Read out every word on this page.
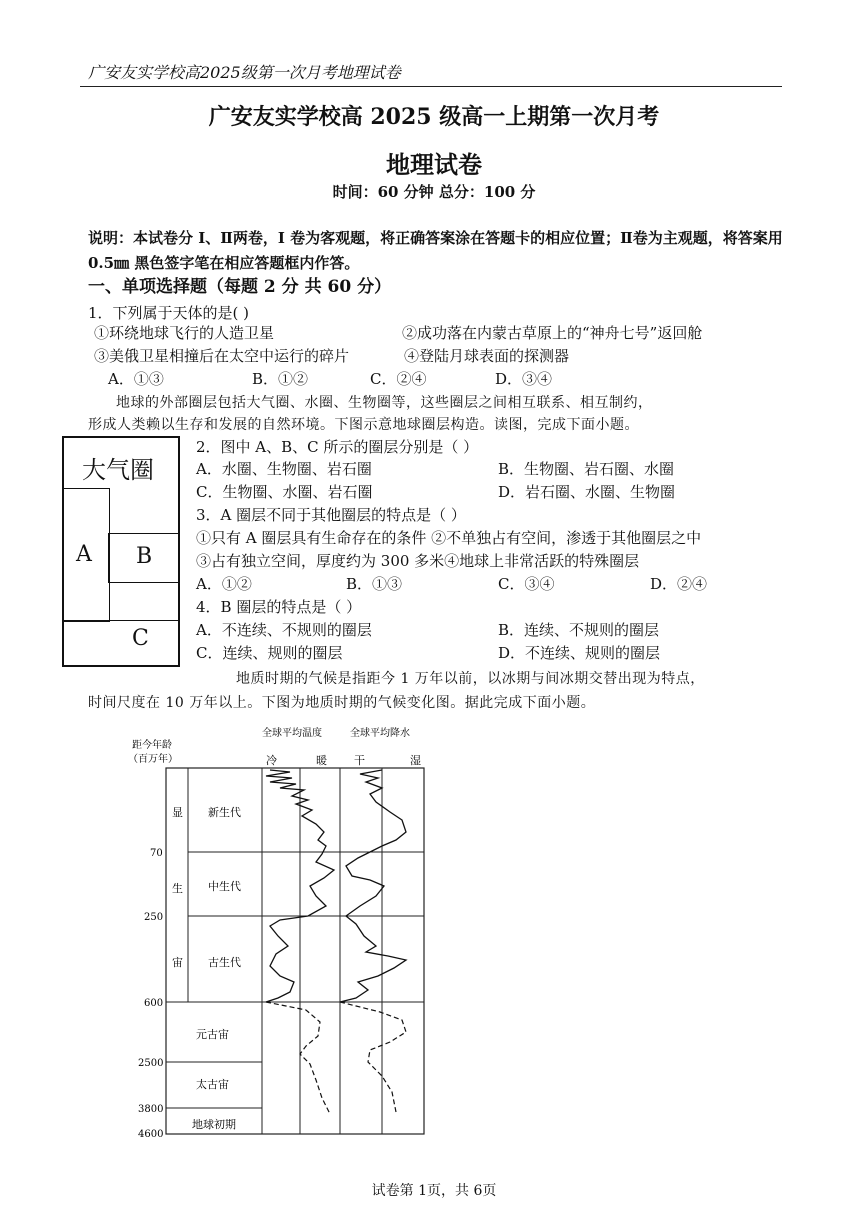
广安友实学校高2025级第一次月考地理试卷
广安友实学校高 2025 级高一上期第一次月考
地理试卷
时间：60 分钟 总分：100 分
说明：本试卷分 I、Ⅱ两卷，I 卷为客观题，将正确答案涂在答题卡的相应位置；Ⅱ卷为主观题，将答案用 0.5㎜ 黑色签字笔在相应答题框内作答。
一、单项选择题（每题 2 分 共 60 分）
1．下列属于天体的是( )
①环绕地球飞行的人造卫星	②成功落在内蒙古草原上的“神舟七号”返回舱
③美俄卫星相撞后在太空中运行的碎片	④登陆月球表面的探测器
A．①③	B．①②	C．②④	D．③④
地球的外部圈层包括大气圈、水圈、生物圈等，这些圈层之间相互联系、相互制约，
形成人类赖以生存和发展的自然环境。下图示意地球圈层构造。读图，完成下面小题。
大气圈
A B
C
2．图中 A、B、C 所示的圈层分别是（ ）
A．水圈、生物圈、岩石圈	B．生物圈、岩石圈、水圈
C．生物圈、水圈、岩石圈	D．岩石圈、水圈、生物圈
3．A 圈层不同于其他圈层的特点是（ ）
①只有 A 圈层具有生命存在的条件 ②不单独占有空间，渗透于其他圈层之中
③占有独立空间，厚度约为 300 多米④地球上非常活跃的特殊圈层
A．①②	B．①③	C．③④	D．②④
4．B 圈层的特点是（ ）
A．不连续、不规则的圈层	B．连续、不规则的圈层
C．连续、规则的圈层	D．不连续、规则的圈层
地质时期的气候是指距今 1 万年以前，以冰期与间冰期交替出现为特点，
时间尺度在 10 万年以上。下图为地质时期的气候变化图。据此完成下面小题。
距今年龄
（百万年）
全球平均温度	全球平均降水
冷	暖 干	湿
显
生
宙
新生代
中生代
古生代
元古宙
太古宙
地球初期
70
250
600
2500
3800
4600
试卷第 1页，共 6页
